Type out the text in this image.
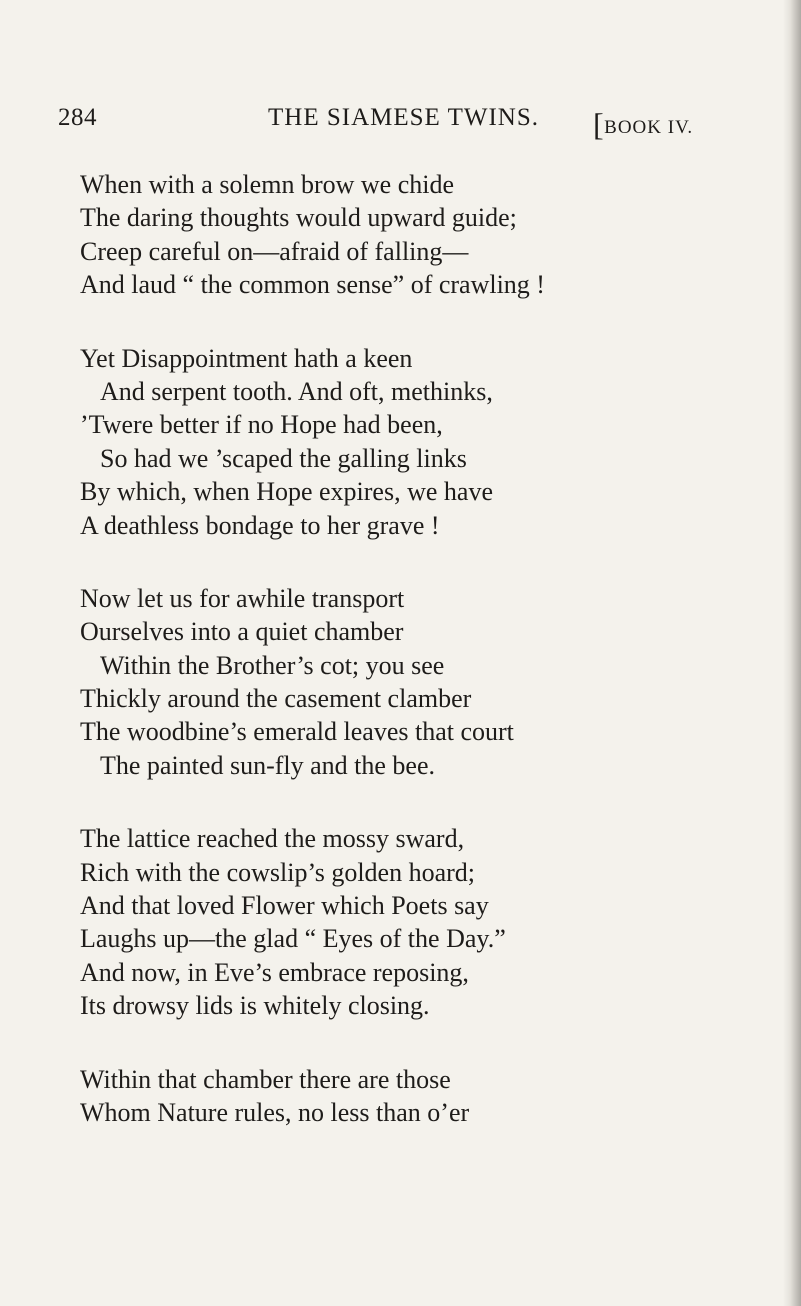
284	THE SIAMESE TWINS. [BOOK IV.
When with a solemn brow we chide
The daring thoughts would upward guide;
Creep careful on—afraid of falling—
And laud “ the common sense” of crawling !
Yet Disappointment hath a keen
And serpent tooth. And oft, methinks,
’Twere better if no Hope had been,
So had we ’scaped the galling links
By which, when Hope expires, we have
A deathless bondage to her grave !
Now let us for awhile transport
Ourselves into a quiet chamber
Within the Brother’s cot; you see
Thickly around the casement clamber
The woodbine’s emerald leaves that court
The painted sun-fly and the bee.
The lattice reached the mossy sward,
Rich with the cowslip’s golden hoard;
And that loved Flower which Poets say
Laughs up—the glad “ Eyes of the Day.”
And now, in Eve’s embrace reposing,
Its drowsy lids is whitely closing.
Within that chamber there are those
Whom Nature rules, no less than o’er
